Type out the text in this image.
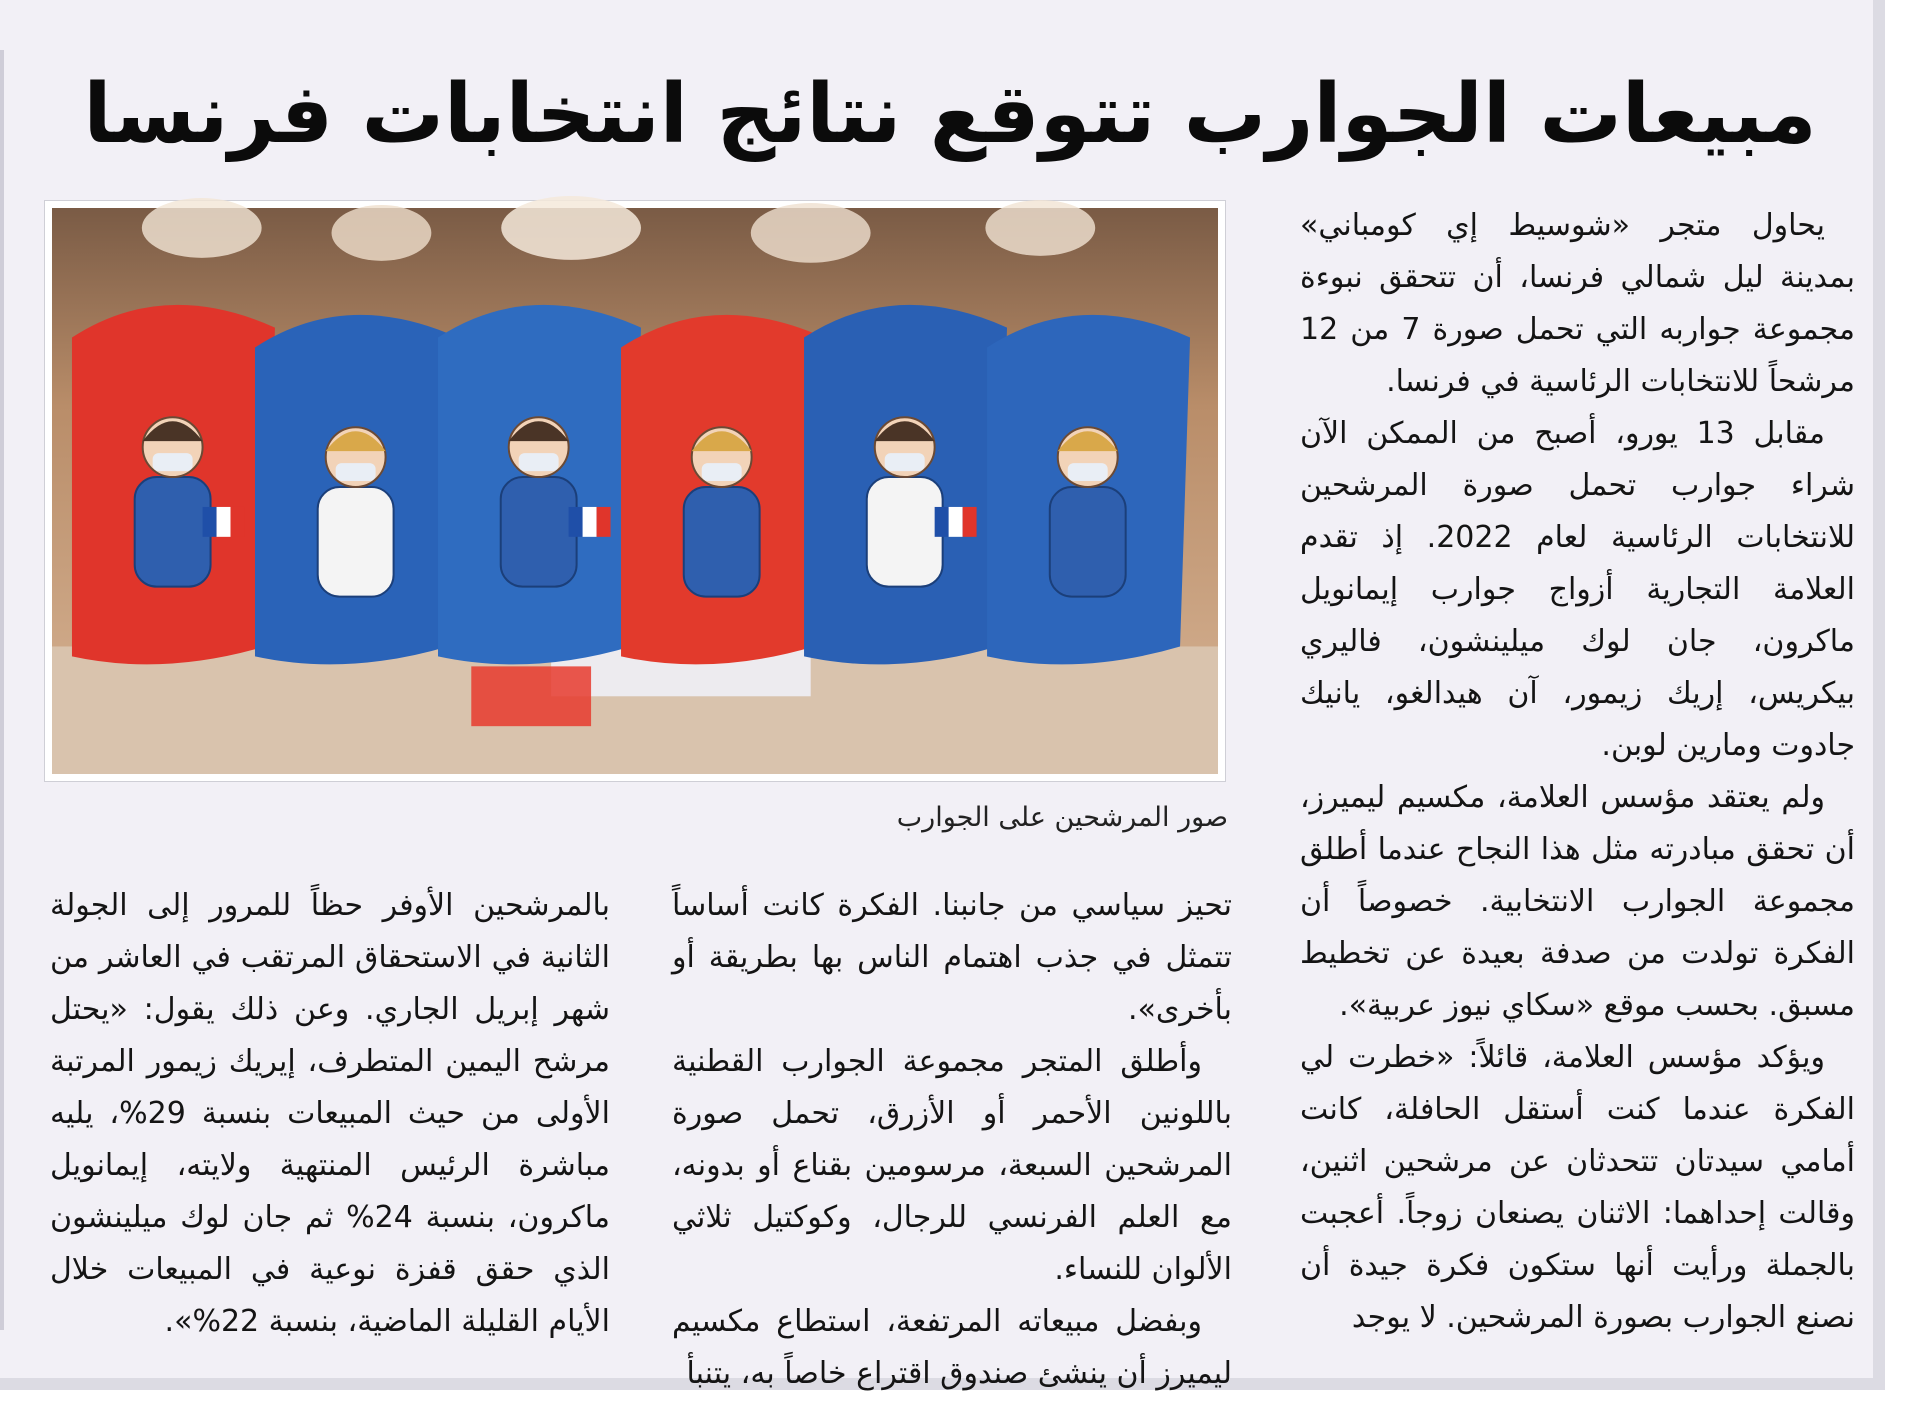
مبيعات الجوارب تتوقع نتائج انتخابات فرنسا

يحاول متجر «شوسيط إي كومباني» بمدينة ليل شمالي فرنسا، أن تتحقق نبوءة مجموعة جواربه التي تحمل صورة 7 من 12 مرشحاً للانتخابات الرئاسية في فرنسا.

مقابل 13 يورو، أصبح من الممكن الآن شراء جوارب تحمل صورة المرشحين للانتخابات الرئاسية لعام 2022. إذ تقدم العلامة التجارية أزواج جوارب إيمانويل ماكرون، جان لوك ميلينشون، فاليري بيكريس، إريك زيمور، آن هيدالغو، يانيك جادوت ومارين لوبن.

ولم يعتقد مؤسس العلامة، مكسيم ليميرز، أن تحقق مبادرته مثل هذا النجاح عندما أطلق مجموعة الجوارب الانتخابية. خصوصاً أن الفكرة تولدت من صدفة بعيدة عن تخطيط مسبق. بحسب موقع «سكاي نيوز عربية».

ويؤكد مؤسس العلامة، قائلاً: «خطرت لي الفكرة عندما كنت أستقل الحافلة، كانت أمامي سيدتان تتحدثان عن مرشحين اثنين، وقالت إحداهما: الاثنان يصنعان زوجاً. أعجبت بالجملة ورأيت أنها ستكون فكرة جيدة أن نصنع الجوارب بصورة المرشحين. لا يوجد

صور المرشحين على الجوارب

تحيز سياسي من جانبنا. الفكرة كانت أساساً تتمثل في جذب اهتمام الناس بها بطريقة أو بأخرى».

وأطلق المتجر مجموعة الجوارب القطنية باللونين الأحمر أو الأزرق، تحمل صورة المرشحين السبعة، مرسومين بقناع أو بدونه، مع العلم الفرنسي للرجال، وكوكتيل ثلاثي الألوان للنساء.

وبفضل مبيعاته المرتفعة، استطاع مكسيم ليميرز أن ينشئ صندوق اقتراع خاصاً به، يتنبأ

بالمرشحين الأوفر حظاً للمرور إلى الجولة الثانية في الاستحقاق المرتقب في العاشر من شهر إبريل الجاري. وعن ذلك يقول: «يحتل مرشح اليمين المتطرف، إيريك زيمور المرتبة الأولى من حيث المبيعات بنسبة 29%، يليه مباشرة الرئيس المنتهية ولايته، إيمانويل ماكرون، بنسبة 24% ثم جان لوك ميلينشون الذي حقق قفزة نوعية في المبيعات خلال الأيام القليلة الماضية، بنسبة 22%».
